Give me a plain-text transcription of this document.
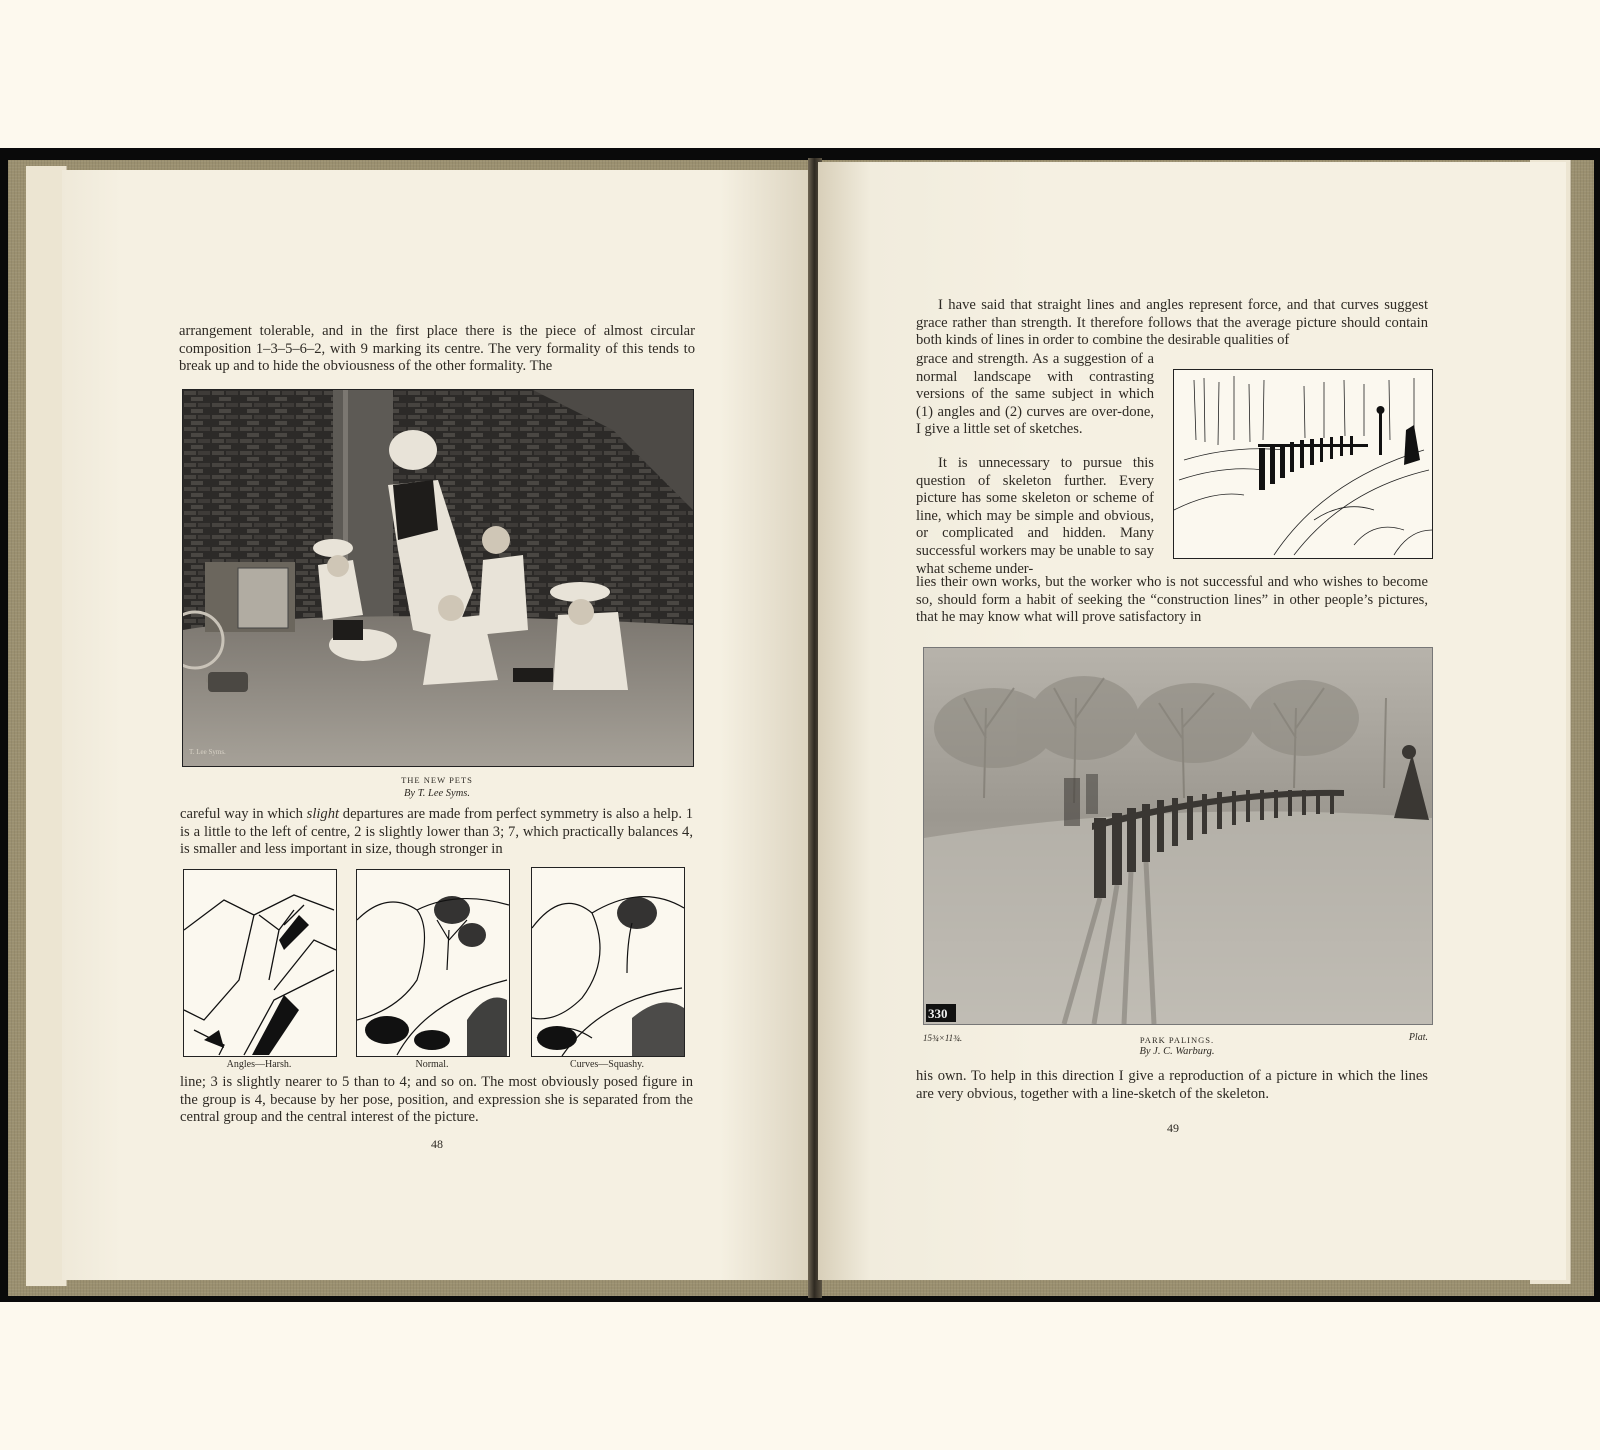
arrangement tolerable, and in the first place there is the piece of almost circular composition 1–3–5–6–2, with 9 marking its centre. The very formality of this tends to break up and to hide the obviousness of the other formality. The

T. Lee Syms.
THE NEW PETS
By T. Lee Syms.

careful way in which slight departures are made from perfect symmetry is also a help. 1 is a little to the left of centre, 2 is slightly lower than 3; 7, which practically balances 4, is smaller and less important in size, though stronger in

Angles—Harsh.	Normal.	Curves—Squashy.

line; 3 is slightly nearer to 5 than to 4; and so on. The most obviously posed figure in the group is 4, because by her pose, position, and expression she is separated from the central group and the central interest of the picture.

48

I have said that straight lines and angles represent force, and that curves suggest grace rather than strength. It therefore follows that the average picture should contain both kinds of lines in order to combine the desirable qualities of

grace and strength. As a suggestion of a normal landscape with contrasting versions of the same subject in which (1) angles and (2) curves are over-done, I give a little set of sketches.

It is unnecessary to pursue this question of skeleton further. Every picture has some skeleton or scheme of line, which may be simple and obvious, or complicated and hidden. Many successful workers may be unable to say what scheme under-

lies their own works, but the worker who is not successful and who wishes to become so, should form a habit of seeking the “construction lines” in other people’s pictures, that he may know what will prove satisfactory in

330
15¾×11¾.	PARK PALINGS.	Plat.
By J. C. Warburg.

his own. To help in this direction I give a reproduction of a picture in which the lines are very obvious, together with a line-sketch of the skeleton.

49
